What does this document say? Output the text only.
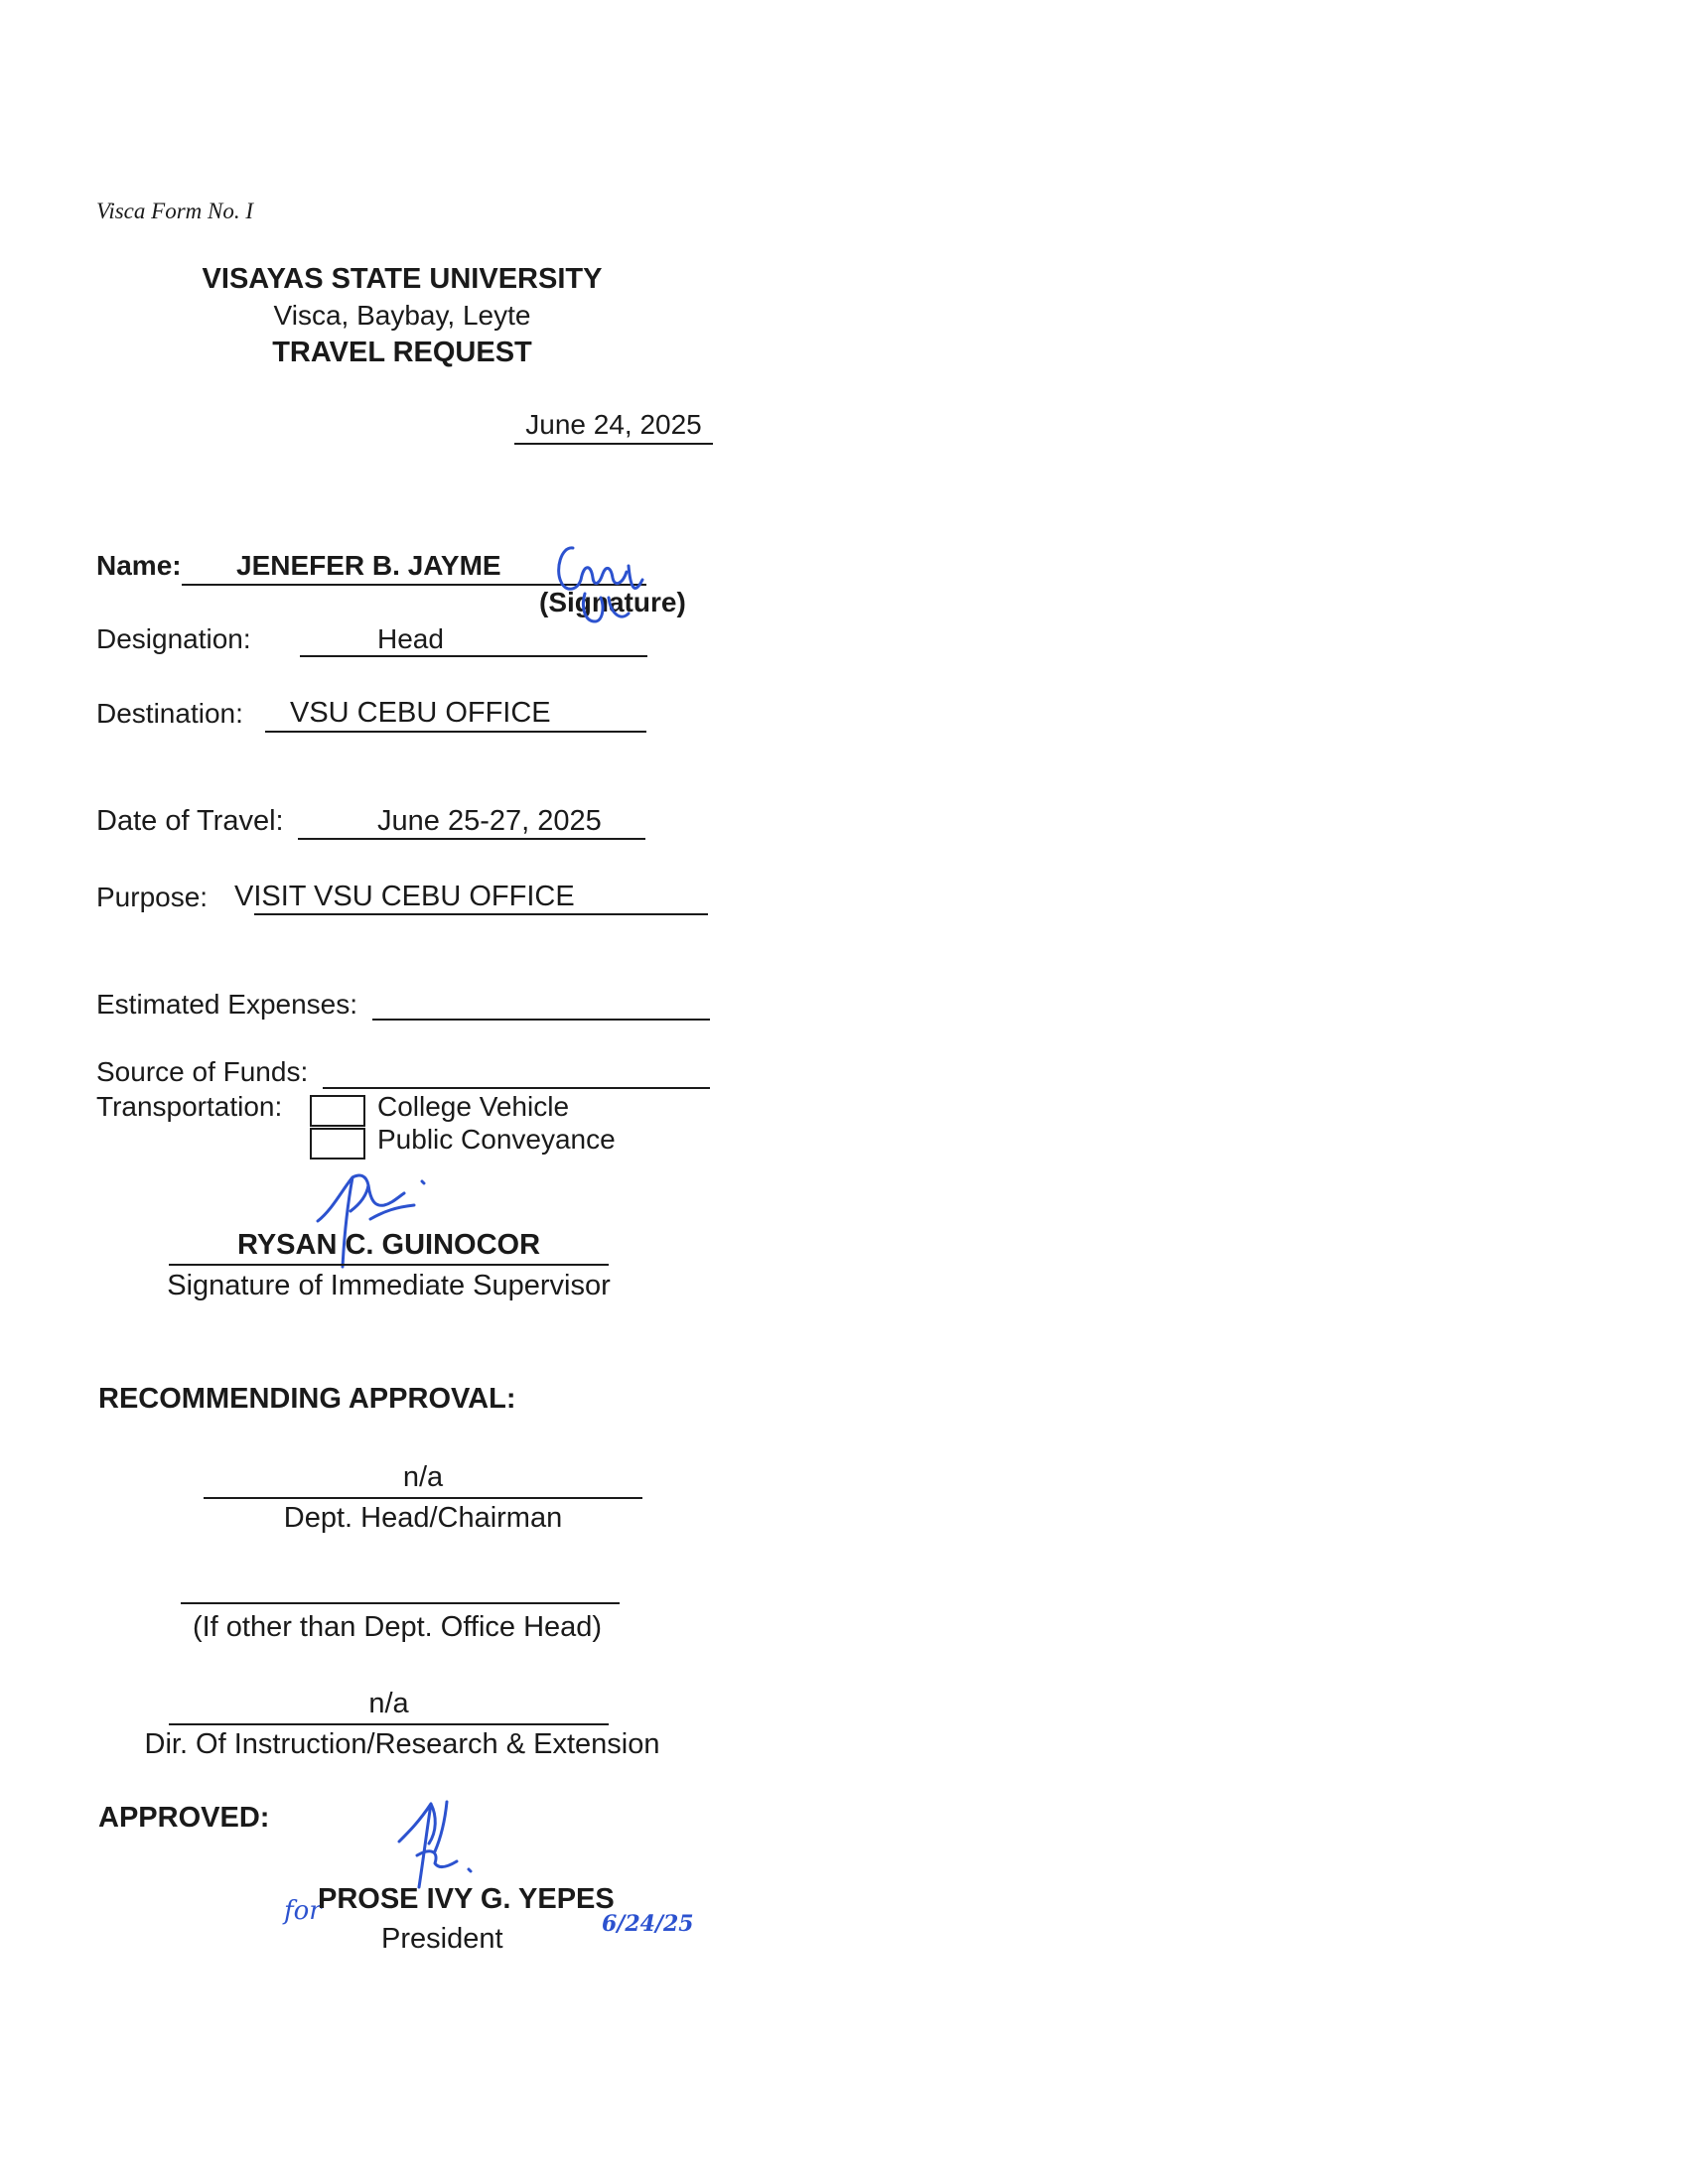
Visca Form No. I
VISAYAS STATE UNIVERSITY
Visca, Baybay, Leyte
TRAVEL REQUEST
June 24, 2025
Name: JENEFER B. JAYME
(Signature)
Designation:	Head
Destination: VSU CEBU OFFICE
Date of Travel:	June 25-27, 2025
Purpose: VISIT VSU CEBU OFFICE
Estimated Expenses:
Source of Funds:
Transportation:	College Vehicle
Public Conveyance
RYSAN C. GUINOCOR
Signature of Immediate Supervisor
RECOMMENDING APPROVAL:
n/a
Dept. Head/Chairman
(If other than Dept. Office Head)
n/a
Dir. Of Instruction/Research & Extension
APPROVED:
for
PROSE IVY G. YEPES
President	6/24/25
